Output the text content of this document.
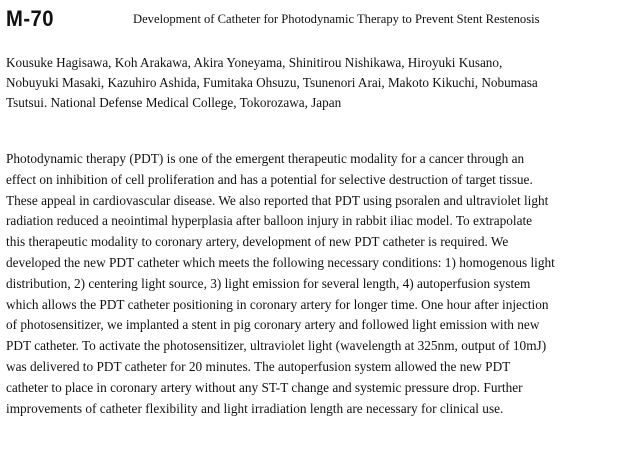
M-70	Development of Catheter for Photodynamic Therapy to Prevent Stent Restenosis
Kousuke Hagisawa, Koh Arakawa, Akira Yoneyama, Shinitirou Nishikawa, Hiroyuki Kusano,
Nobuyuki Masaki, Kazuhiro Ashida, Fumitaka Ohsuzu, Tsunenori Arai, Makoto Kikuchi, Nobumasa
Tsutsui. National Defense Medical College, Tokorozawa, Japan
Photodynamic therapy (PDT) is one of the emergent therapeutic modality for a cancer through an
effect on inhibition of cell proliferation and has a potential for selective destruction of target tissue.
These appeal in cardiovascular disease. We also reported that PDT using psoralen and ultraviolet light
radiation reduced a neointimal hyperplasia after balloon injury in rabbit iliac model. To extrapolate
this therapeutic modality to coronary artery, development of new PDT catheter is required. We
developed the new PDT catheter which meets the following necessary conditions: 1) homogenous light
distribution, 2) centering light source, 3) light emission for several length, 4) autoperfusion system
which allows the PDT catheter positioning in coronary artery for longer time. One hour after injection
of photosensitizer, we implanted a stent in pig coronary artery and followed light emission with new
PDT catheter. To activate the photosensitizer, ultraviolet light (wavelength at 325nm, output of 10mJ)
was delivered to PDT catheter for 20 minutes. The autoperfusion system allowed the new PDT
catheter to place in coronary artery without any ST-T change and systemic pressure drop. Further
improvements of catheter flexibility and light irradiation length are necessary for clinical use.
